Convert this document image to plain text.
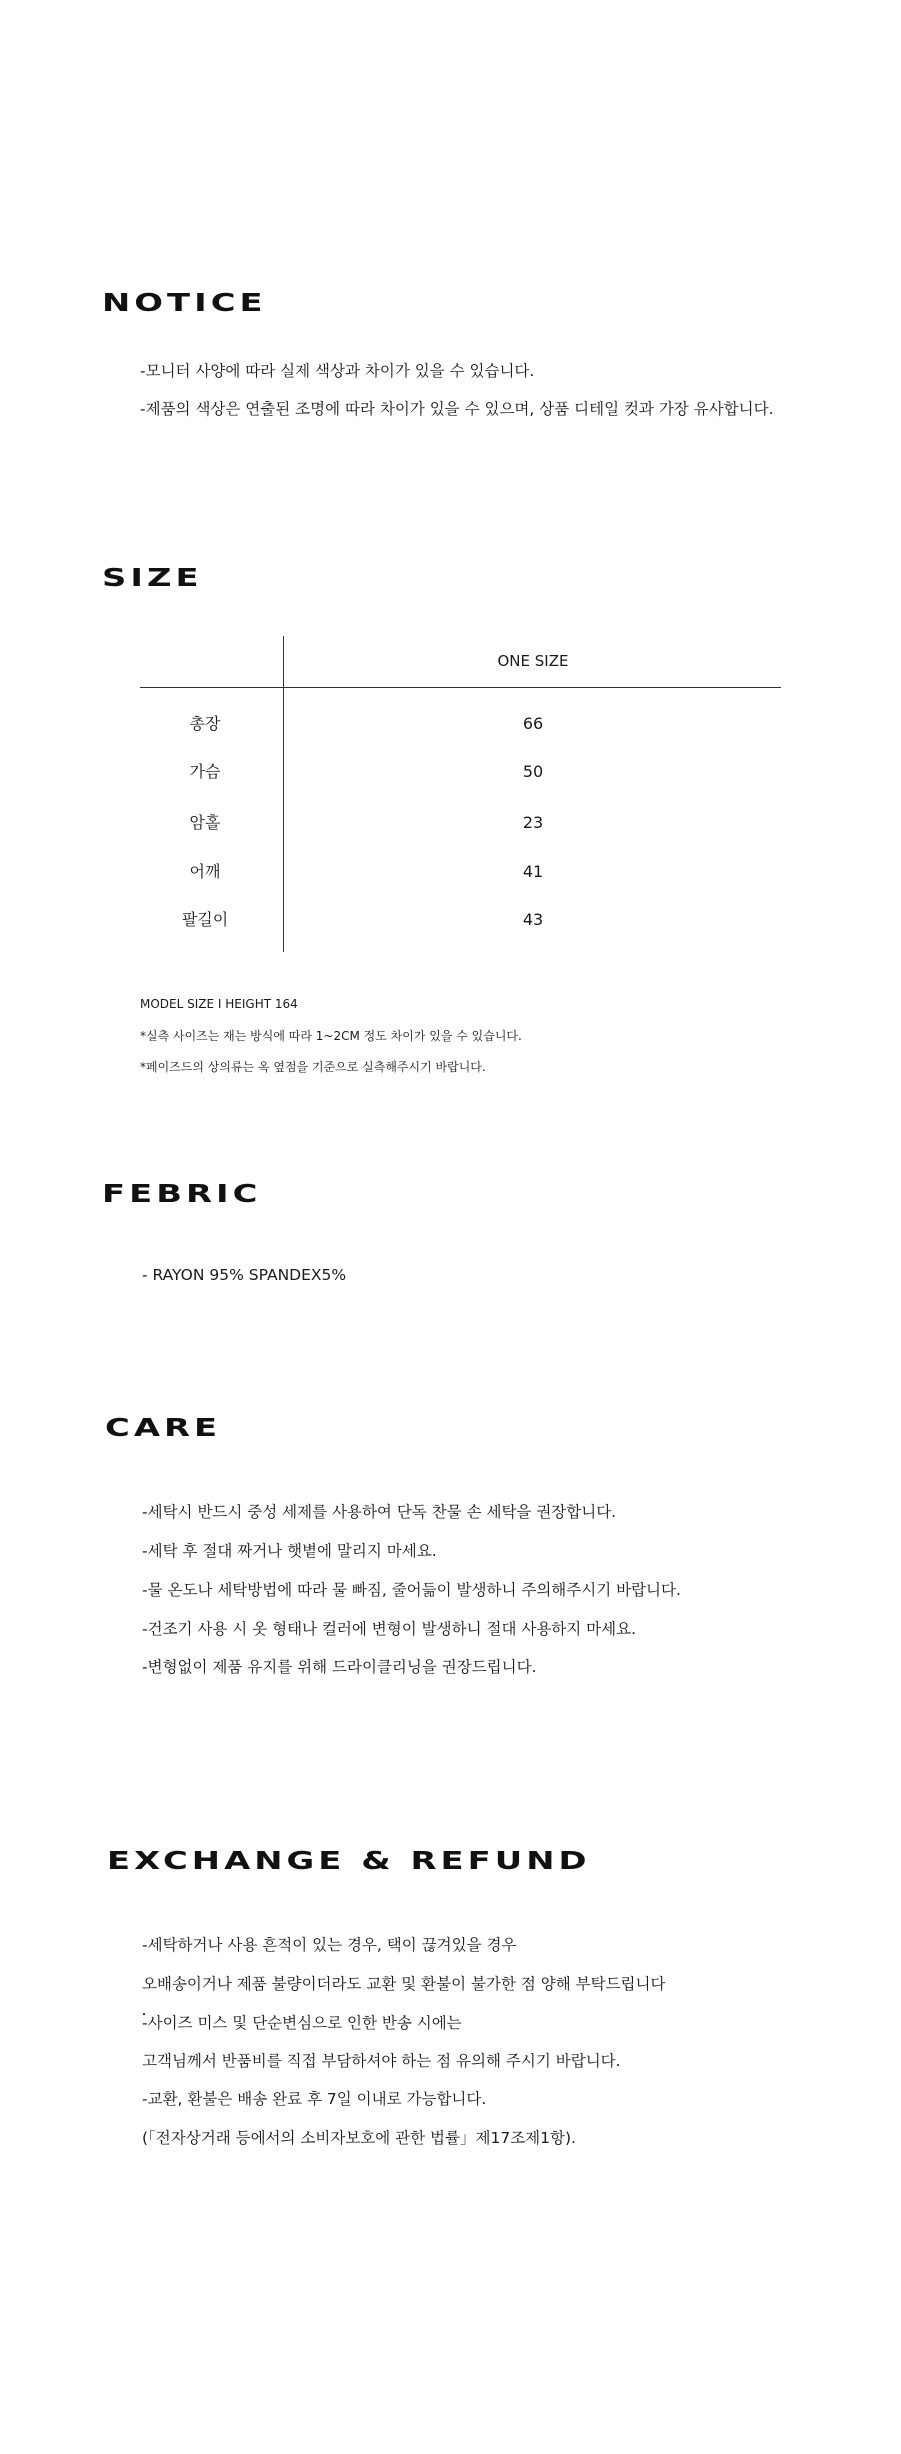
NOTICE

-모니터 사양에 따라 실제 색상과 차이가 있을 수 있습니다.

-제품의 색상은 연출된 조명에 따라 차이가 있을 수 있으며, 상품 디테일 컷과 가장 유사합니다.

SIZE
ONE SIZE
총장	66
가슴	50
암홀	23
어깨	41
팔길이	43

MODEL SIZE I HEIGHT 164

*실측 사이즈는 재는 방식에 따라 1~2CM 정도 차이가 있을 수 있습니다.

*페이즈드의 상의류는 옥 옆점을 기준으로 실측해주시기 바랍니다.

FEBRIC

- RAYON 95% SPANDEX5%

CARE

-세탁시 반드시 중성 세제를 사용하여 단독 찬물 손 세탁을 권장합니다.

-세탁 후 절대 짜거나 햇볕에 말리지 마세요.

-물 온도나 세탁방법에 따라 물 빠짐, 줄어듦이 발생하니 주의해주시기 바랍니다.

-건조기 사용 시 옷 형태나 컬러에 변형이 발생하니 절대 사용하지 마세요.

-변형없이 제품 유지를 위해 드라이클리닝을 권장드립니다.

EXCHANGE & REFUND

-세탁하거나 사용 흔적이 있는 경우, 택이 끊겨있을 경우

오배송이거나 제품 불량이더라도 교환 및 환불이 불가한 점 양해 부탁드립니다

-사이즈 미스 및 단순변심으로 인한 반송 시에는

고객님께서 반품비를 직접 부담하셔야 하는 점 유의해 주시기 바랍니다.

-교환, 환불은 배송 완료 후 7일 이내로 가능합니다.

(「전자상거래 등에서의 소비자보호에 관한 법률」제17조제1항).
